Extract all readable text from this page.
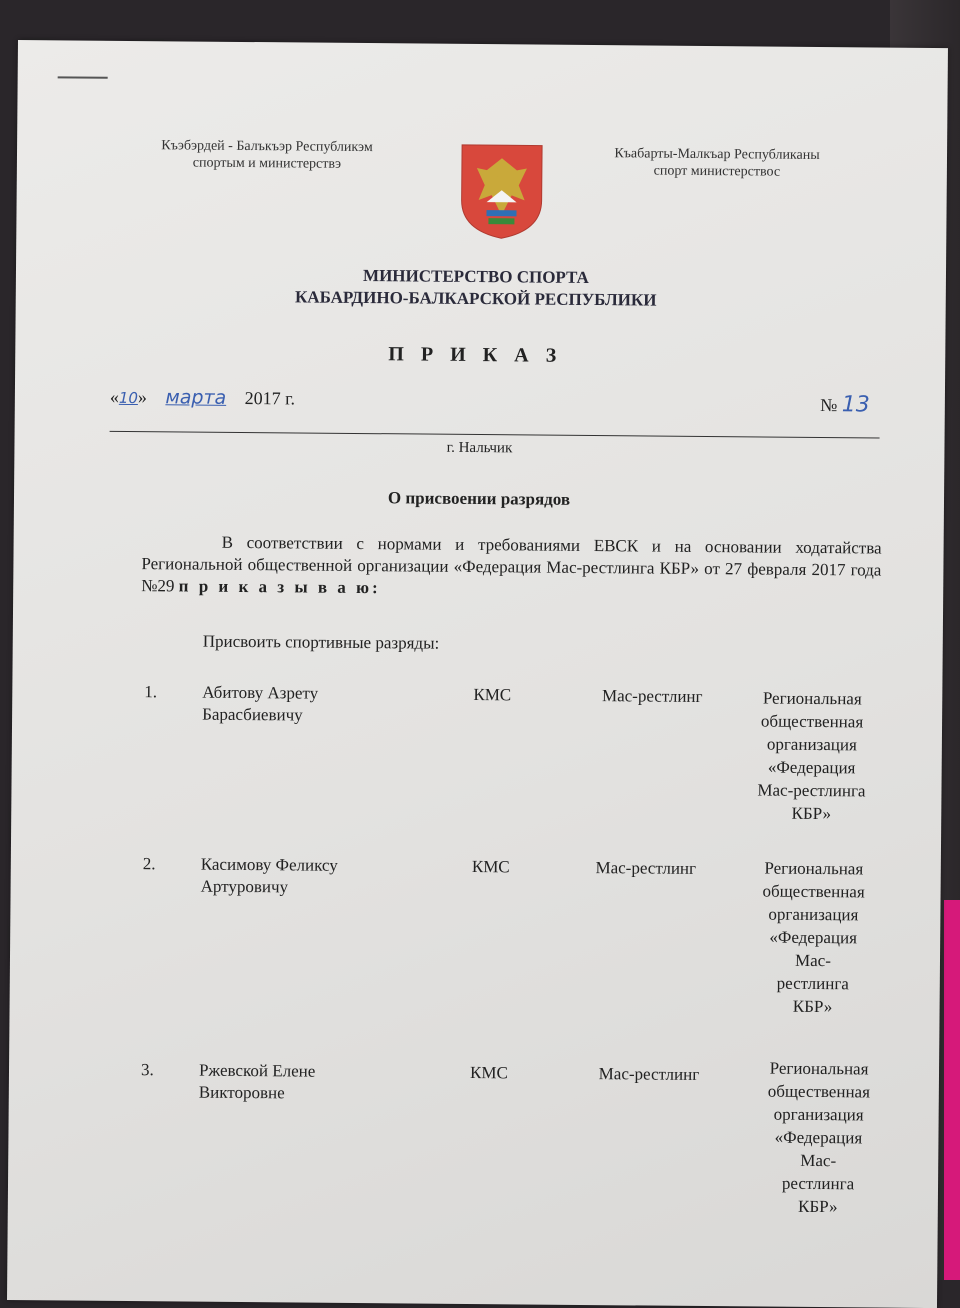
Къэбэрдей - Балъкъэр Республикэм
спортым и министерствэ
Къабарты-Малкъар Республиканы
спорт министерствос
МИНИСТЕРСТВО СПОРТА
КАБАРДИНО-БАЛКАРСКОЙ РЕСПУБЛИКИ
П Р И К А З
«10» марта 2017 г.	№ 13
г. Нальчик
О присвоении разрядов
В соответствии с нормами и требованиями ЕВСК и на основании ходатайства Региональной общественной организации «Федерация Мас-рестлинга КБР» от 27 февраля 2017 года №29 п р и к а з ы в а ю:
Присвоить спортивные разряды:
1.	Абитову Азрету
Барасбиевичу
КМС	Мас-рестлинг	Региональная
общественная
организация
«Федерация
Мас-рестлинга
КБР»
2.	Касимову Феликсу
Артуровичу
КМС	Мас-рестлинг	Региональная
общественная
организация
«Федерация
Мас-
рестлинга
КБР»
3.	Ржевской Елене
Викторовне
КМС	Мас-рестлинг	Региональная
общественная
организация
«Федерация
Мас-
рестлинга
КБР»
